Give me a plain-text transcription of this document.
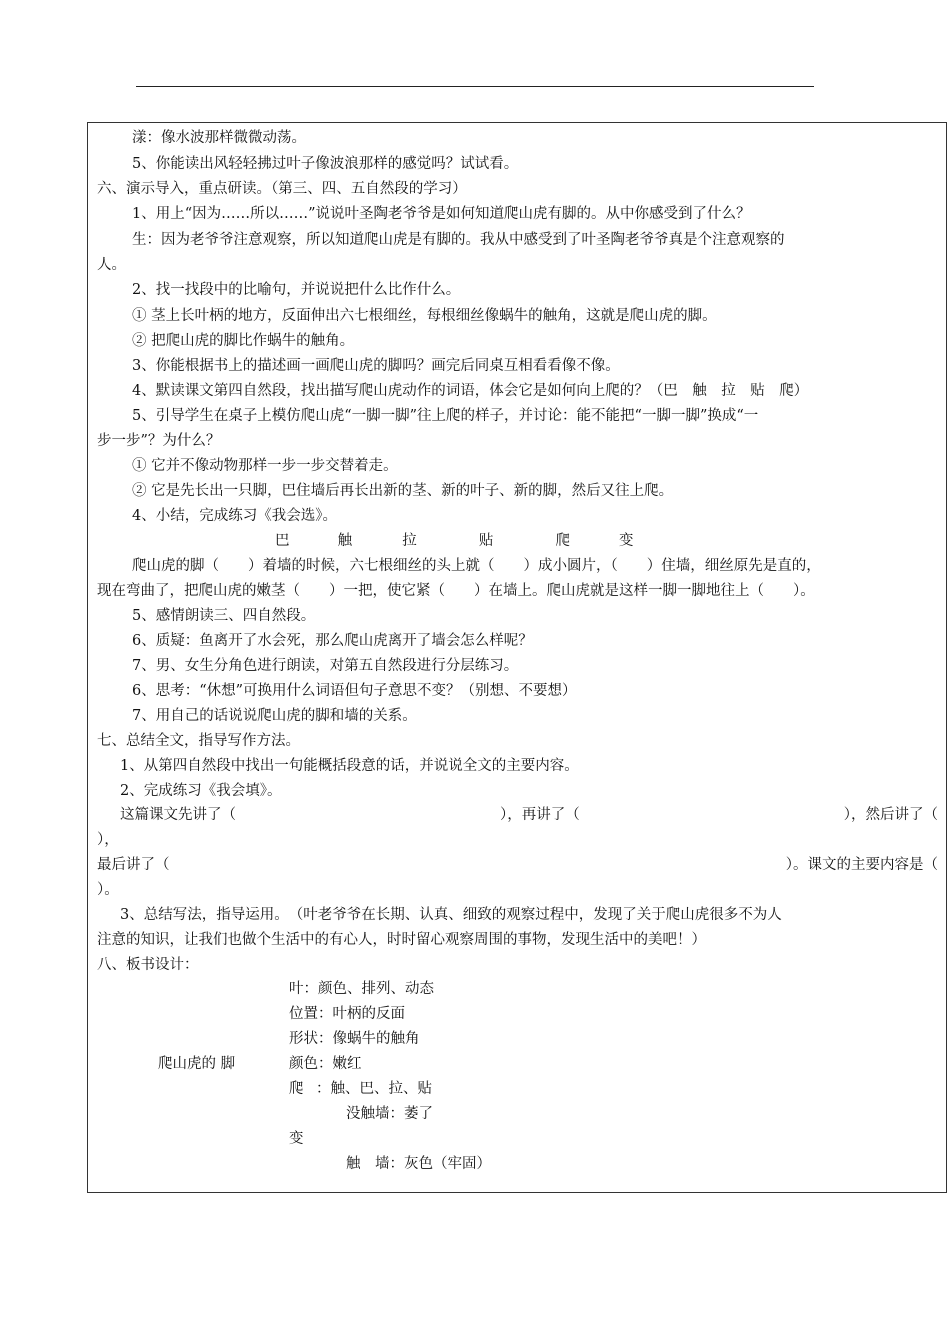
漾：像水波那样微微动荡。
5、你能读出风轻轻拂过叶子像波浪那样的感觉吗？试试看。
六、演示导入，重点研读。（第三、四、五自然段的学习）
1、用上“因为……所以……”说说叶圣陶老爷爷是如何知道爬山虎有脚的。从中你感受到了什么？
生：因为老爷爷注意观察，所以知道爬山虎是有脚的。我从中感受到了叶圣陶老爷爷真是个注意观察的
人。
2、找一找段中的比喻句，并说说把什么比作什么。
① 茎上长叶柄的地方，反面伸出六七根细丝，每根细丝像蜗牛的触角，这就是爬山虎的脚。
② 把爬山虎的脚比作蜗牛的触角。
3、你能根据书上的描述画一画爬山虎的脚吗？画完后同桌互相看看像不像。
4、默读课文第四自然段，找出描写爬山虎动作的词语，体会它是如何向上爬的？（巴　触　拉　贴　爬）
5、引导学生在桌子上模仿爬山虎“一脚一脚”往上爬的样子，并讨论：能不能把“一脚一脚”换成“一
步一步”？为什么？
① 它并不像动物那样一步一步交替着走。
② 它是先长出一只脚，巴住墙后再长出新的茎、新的叶子、新的脚，然后又往上爬。
4、小结，完成练习《我会选》。
巴	触	拉	贴	爬	变
爬山虎的脚（　　）着墙的时候，六七根细丝的头上就（　　）成小圆片，（　　）住墙，细丝原先是直的，
现在弯曲了，把爬山虎的嫩茎（　　）一把，使它紧（　　）在墙上。爬山虎就是这样一脚一脚地往上（　　）。
5、感情朗读三、四自然段。
6、质疑：鱼离开了水会死，那么爬山虎离开了墙会怎么样呢？
7、男、女生分角色进行朗读，对第五自然段进行分层练习。
6、思考：“休想”可换用什么词语但句子意思不变？（别想、不要想）
7、用自己的话说说爬山虎的脚和墙的关系。
七、总结全文，指导写作方法。
1、从第四自然段中找出一句能概括段意的话，并说说全文的主要内容。
2、完成练习《我会填》。
这篇课文先讲了（	），再讲了（	），然后讲了（
），
最后讲了（	）。课文的主要内容是（
）。
3、总结写法，指导运用。　（叶老爷爷在长期、认真、细致的观察过程中，发现了关于爬山虎很多不为人
注意的知识，让我们也做个生活中的有心人，时时留心观察周围的事物，发现生活中的美吧！）
八、板书设计：
叶：颜色、排列、动态
位置：叶柄的反面
形状：像蜗牛的触角
爬山虎的 脚	颜色：嫩红
爬 ：触、巴、拉、贴
没触墙：萎了
变
触　墙：灰色（牢固）
